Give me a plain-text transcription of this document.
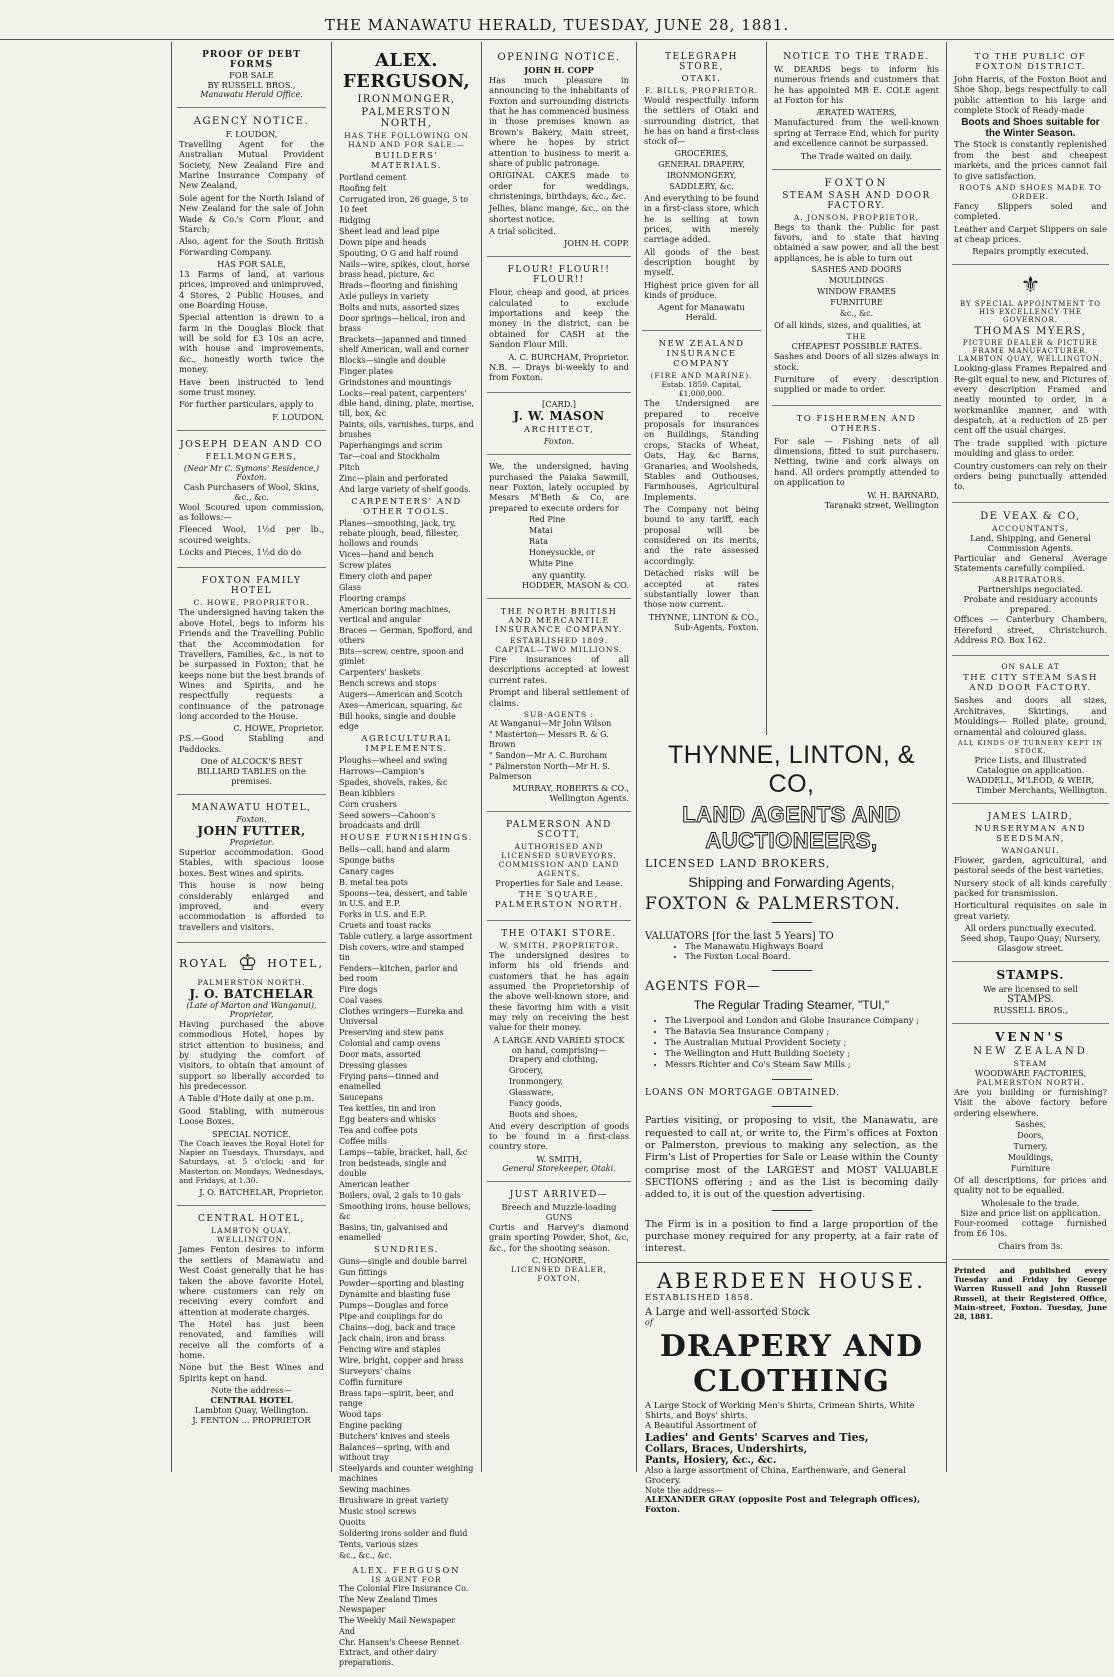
THE MANAWATU HERALD, TUESDAY, JUNE 28, 1881.
PROOF OF DEBT FORMS
FOR SALE
BY RUSSELL BROS.,
Manawatu Herald Office.
AGENCY NOTICE.
F. LOUDON,

Travelling Agent for the Australian Mutual Provident Society, New Zealand Fire and Marine Insurance Company of New Zealand,

Sole agent for the North Island of New Zealand for the sale of John Wade & Co.'s Corn Flour, and Starch;

Also, agent for the South British Forwarding Company.

HAS FOR SALE,

13 Farms of land, at various prices, improved and unimproved, 4 Stores, 2 Public Houses, and one Boarding House.

Special attention is drawn to a farm in the Douglas Block that will be sold for £3 10s an acre, with house and improvements, &c., honestly worth twice the money.

Have been instructed to lend some trust money.

For further particulars, apply to

F. LOUDON.
JOSEPH DEAN AND CO
FELLMONGERS,
(Near Mr C. Symons' Residence,) Foxton.
Cash Purchasers of Wool, Skins, &c., &c.

Wool Scoured upon commission, as follows:—

Fleeced Wool, 1½d per lb., scoured weights.

Locks and Pieces, 1½d do do

FOXTON FAMILY HOTEL
C. HOWE, PROPRIETOR.

The undersigned having taken the above Hotel, begs to inform his Friends and the Travelling Public that the Accommodation for Travellers, Families, &c., is not to be surpassed in Foxton; that he keeps none but the best brands of Wines and Spirits, and he respectfully requests a continuance of the patronage long accorded to the House.

C. HOWE, Proprietor.

P.S.—Good Stabling and Paddocks.

One of ALCOCK'S BEST BILLIARD TABLES on the premises.
MANAWATU HOTEL,
Foxton.
JOHN FUTTER,
Proprietor.

Superior accommodation. Good Stables, with spacious loose boxes. Best wines and spirits.

This house is now being considerably enlarged and improved, and every accommodation is afforded to travellers and visitors.

ROYAL ♔ HOTEL,
PALMERSTON NORTH.
J. O. BATCHELAR
(Late of Marton and Wanganui),
Proprietor,

Having purchased the above commodious Hotel, hopes by strict attention to business, and by studying the comfort of visitors, to obtain that amount of support so liberally accorded to his predecessor.

A Table d'Hote daily at one p.m.

Good Stabling, with numerous Loose Boxes.

SPECIAL NOTICE.

The Coach leaves the Royal Hotel for Napier on Tuesdays, Thursdays, and Saturdays, at 5 o'clock; and for Masterton on Mondays, Wednesdays, and Fridays, at 1.30.

J. O. BATCHELAR, Proprietor.
CENTRAL HOTEL,
LAMBTON QUAY, WELLINGTON.

James Fenton desires to inform the settlers of Manawatu and West Coast generally that he has taken the above favorite Hotel, where customers can rely on receiving every comfort and attention at moderate charges.

The Hotel has just been renovated, and families will receive all the comforts of a home.

None but the Best Wines and Spirits kept on hand.

Note the address—
CENTRAL HOTEL
Lambton Quay, Wellington.
J. FENTON ... PROPRIETOR
ALEX. FERGUSON,
IRONMONGER,
PALMERSTON NORTH,
HAS THE FOLLOWING ON HAND AND FOR SALE:—
BUILDERS' MATERIALS.
Portland cement
Roofing felt
Corrugated iron, 26 guage, 5 to 10 feet
Ridging
Sheet lead and lead pipe
Down pipe and heads
Spouting, O G and half round
Nails—wire, spikes, clout, horse brass head, picture, &c
Brads—flooring and finishing
Axle pulleys in variety
Bolts and nuts, assorted sizes
Door springs—helical, iron and brass
Brackets—japanned and tinned shelf American, wall and corner
Blocks—single and double
Finger plates
Grindstones and mountings
Locks—real patent, carpenters' dble hand, dining, plate, mortise, till, box, &c
Paints, oils, varnishes, turps, and brushes
Paperhangings and scrim
Tar—coal and Stockholm
Pitch
Zinc—plain and perforated
And large variety of shelf goods.
CARPENTERS' AND OTHER TOOLS.
Planes—smoothing, jack, try, rebate plough, bead, fillester, hollows and rounds
Vices—hand and bench
Screw plates
Emery cloth and paper
Glass
Flooring cramps
American boring machines, vertical and angular
Braces — German, Spofford, and others
Bits—screw, centre, spoon and gimlet
Carpenters' baskets
Bench screws and stops
Augers—American and Scotch
Axes—American, squaring, &c
Bill hooks, single and double edge
AGRICULTURAL IMPLEMENTS.
Ploughs—wheel and swing
Harrows—Campion's
Spades, shovels, rakes, &c
Bean kibblers
Corn crushers
Seed sowers—Cahoon's broadcasts and drill
HOUSE FURNISHINGS.
Bells—call, hand and alarm
Sponge baths
Canary cages
B. metal tea pots
Spoons—tea, dessert, and table in U.S. and E.P.
Forks in U.S. and E.P.
Cruets and toast racks
Table cutlery, a large assortment
Dish covers, wire and stamped tin
Fenders—kitchen, parlor and bed room
Fire dogs
Coal vases
Clothes wringers—Eureka and Universal
Preserving and stew pans
Colonial and camp ovens
Door mats, assorted
Dressing glasses
Frying pans—tinned and enamelled
Saucepans
Tea kettles, tin and iron
Egg beaters and whisks
Tea and coffee pots
Coffee mills
Lamps—table, bracket, hall, &c
Iron bedsteads, single and double
American leather
Boilers, oval, 2 gals to 10 gals
Smoothing irons, house bellows, &c
Basins, tin, galvanised and enamelled
SUNDRIES.
Guns—single and double barrel
Gun fittings
Powder—sporting and blasting
Dynamite and blasting fuse
Pumps—Douglas and force
Pipe and couplings for do
Chains—dog, back and trace
Jack chain, iron and brass
Fencing wire and staples
Wire, bright, copper and brass
Surveyors' chains
Coffin furniture
Brass taps—spirit, beer, and range
Wood taps
Engine packing
Butchers' knives and steels
Balances—spring, with and without tray
Steelyards and counter weighing machines
Sewing machines
Brushware in great variety
Music stool screws
Quoits
Soldering irons solder and fluid
Tents, various sizes
&c., &c., &c.
ALEX. FERGUSON
IS AGENT FOR
The Colonial Fire Insurance Co.
The New Zealand Times Newspaper
The Weekly Mail Newspaper
And
Chr. Hansen's Cheese Rennet Extract, and other dairy preparations.
OPENING NOTICE.
JOHN H. COPP

Has much pleasure in announcing to the inhabitants of Foxton and surrounding districts that he has commenced business in those premises known as Brown's Bakery, Main street, where he hopes by strict attention to business to merit a share of public patronage.

ORIGINAL CAKES made to order for weddings, christenings, birthdays, &c., &c.

Jellies, blanc mange, &c., on the shortest notice.

A trial solicited.

JOHN H. COPP.
FLOUR! FLOUR!! FLOUR!!

Flour, cheap and good, at prices calculated to exclude importations and keep the money in the district, can be obtained for CASH at the Sandon Flour Mill.

A. C. BURCHAM, Proprietor.

N.B. — Drays bi-weekly to and from Foxton.

[CARD.]
J. W. MASON
ARCHITECT,
Foxton.

We, the undersigned, having purchased the Paiaka Sawmill, near Foxton, lately occupied by Messrs M'Beth & Co, are prepared to execute orders for

Red Pine
Matai
Rata
Honeysuckle, or
White Pine
any quantity.
HODDER, MASON & CO.
THE NORTH BRITISH AND MERCANTILE INSURANCE COMPANY.
ESTABLISHED 1809.
CAPITAL—TWO MILLIONS.

Fire insurances of all descriptions accepted at lowest current rates.

Prompt and liberal settlement of claims.

SUB-AGENTS :
At Wanganui—Mr John Wilson
" Masterton— Messrs R. & G. Brown
" Sandon—Mr A. C. Burcham
" Palmerston North—Mr H. S. Palmerson
MURRAY, ROBERTS & CO., Wellington Agents.
PALMERSON AND SCOTT,
AUTHORISED AND LICENSED SURVEYORS, COMMISSION AND LAND AGENTS.
Properties for Sale and Lease.
THE SQUARE, PALMERSTON NORTH.
THE OTAKI STORE.
W. SMITH, PROPRIETOR.

The undersigned desires to inform his old friends and customers that he has again assumed the Proprietorship of the above well-known store, and these favoring him with a visit may rely on receiving the best value for their money.

A LARGE AND VARIED STOCK
on hand, comprising—
Drapery and clothing,
Grocery,
Ironmongery,
Glassware,
Fancy goods,
Boots and shoes,

And every description of goods to be found in a first-class country store.

W. SMITH,
General Storekeeper, Otaki.
JUST ARRIVED—
Breech and Muzzle-loading GUNS

Curtis and Harvey's diamond grain sporting Powder, Shot, &c, &c., for the shooting season.

C. HONORE,
LICENSED DEALER, FOXTON.
TELEGRAPH STORE,
OTAKI.
F. BILLS, PROPRIETOR.

Would respectfully inform the settlers of Otaki and surrounding district, that he has on hand a first-class stock of—

GROCERIES,
GENERAL DRAPERY,
IRONMONGERY,
SADDLERY, &c.

And everything to be found in a first-class store, which he is selling at town prices, with merely carriage added.

All goods of the best description bought by myself.

Highest price given for all kinds of produce.

Agent for Manawatu Herald.
NEW ZEALAND INSURANCE COMPANY
(FIRE AND MARINE).
Estab. 1859. Capital, £1,000,000.

The Undersigned are prepared to receive proposals for insurances on Buildings, Standing crops, Stacks of Wheat, Oats, Hay, &c Barns, Granaries, and Woolsheds, Stables and Outhouses, Farmhouses, Agricultural Implements.

The Company not being bound to any tariff, each proposal will be considered on its merits, and the rate assessed accordingly.

Detached risks will be accepted at rates substantially lower than those now current.

THYNNE, LINTON & CO., Sub-Agents, Foxton.
NOTICE TO THE TRADE.

W. DEARDS begs to inform his numerous friends and customers that he has appointed MR E. COLE agent at Foxton for his

ÆRATED WATERS,

Manufactured from the well-known spring at Terrace End, which for purity and excellence cannot be surpassed.

The Trade waited on daily.
FOXTON
STEAM SASH AND DOOR FACTORY.
A. JONSON, PROPRIETOR,

Begs to thank the Public for past favors, and to state that having obtained a saw power, and all the best appliances, he is able to turn out

SASHES AND DOORS
MOULDINGS
WINDOW FRAMES
FURNITURE
&c., &c.

Of all kinds, sizes, and qualities, at

THE
CHEAPEST POSSIBLE RATES.

Sashes and Doors of all sizes always in stock.

Furniture of every description supplied or made to order.

TO FISHERMEN AND OTHERS.

For sale — Fishing nets of all dimensions, fitted to suit purchasers. Netting, twine and cork always on hand. All orders promptly attended to on application to

W. H. BARNARD,
Taranaki street, Wellington
THYNNE, LINTON, & CO,
LAND AGENTS AND AUCTIONEERS,
LICENSED LAND BROKERS,
Shipping and Forwarding Agents,
FOXTON & PALMERSTON.
VALUATORS [for the last 5 Years] TO
• The Manawatu Highways Board
• The Foxton Local Board.
AGENTS FOR—
The Regular Trading Steamer, "TUI,"
• The Liverpool and London and Globe Insurance Company ;
• The Batavia Sea Insurance Company ;
• The Australian Mutual Provident Society ;
• The Wellington and Hutt Building Society ;
• Messrs Richter and Co's Steam Saw Mills ;
LOANS ON MORTGAGE OBTAINED.

Parties visiting, or proposing to visit, the Manawatu, are requested to call at, or write to, the Firm's offices at Foxton or Palmerston, previous to making any selection, as the Firm's List of Properties for Sale or Lease within the County comprise most of the LARGEST and MOST VALUABLE SECTIONS offering ; and as the List is becoming daily added to, it is out of the question advertising.

The Firm is in a position to find a large proportion of the purchase money required for any property, at a fair rate of interest.

ABERDEEN HOUSE.
ESTABLISHED 1858.
A Large and well-assorted Stock
of
DRAPERY AND CLOTHING
A Large Stock of Working Men's Shirts, Crimean Shirts, White Shirts, and Boys' shirts.
A Beautiful Assortment of
Ladies' and Gents' Scarves and Ties,
Collars, Braces, Undershirts,
Pants, Hosiery, &c., &c.
Also a large assortment of China, Earthenware, and General Grocery.
Note the address—
ALEXANDER GRAY (opposite Post and Telegraph Offices), Foxton.
TO THE PUBLIC OF FOXTON DISTRICT.

John Harris, of the Foxton Boot and Shoe Shop, begs respectfully to call public attention to his large and complete Stock of Ready-made

Boots and Shoes suitable for the Winter Season.

The Stock is constantly replenished from the best and cheapest markets, and the prices cannot fail to give satisfaction.

BOOTS AND SHOES MADE TO ORDER.

Fancy Slippers soled and completed.

Leather and Carpet Slippers on sale at cheap prices.

Repairs promptly executed.
⚜
BY SPECIAL APPOINTMENT TO HIS EXCELLENCY THE GOVERNOR.
THOMAS MYERS,
PICTURE DEALER & PICTURE FRAME MANUFACTURER,
LAMBTON QUAY, WELLINGTON.

Looking-glass Frames Repaired and Re-gilt equal to new, and Pictures of every description Framed and neatly mounted to order, in a workmanlike manner, and with despatch, at a reduction of 25 per cent off the usual charges.

The trade supplied with picture moulding and glass to order.

Country customers can rely on their orders being punctually attended to.

DE VEAX & CO,
ACCOUNTANTS,
Land, Shipping, and General Commission Agents.

Particular and General Average Statements carefully compiled.

ARBITRATORS.
Partnerships negociated.
Probate and residuary accounts prepared.

Offices — Canterbury Chambers, Hereford street, Christchurch. Address P.O. Box 162.

ON SALE AT
THE CITY STEAM SASH AND DOOR FACTORY.

Sashes and doors all sizes, Architraves, Skirtings, and Mouldings— Rolled plate, ground, ornamental and coloured glass.

ALL KINDS OF TURNERY KEPT IN STOCK.
Price Lists, and Illustrated Catalogue on application.
WADDELL, M'LEOD, & WEIR,
Timber Merchants, Wellington.
JAMES LAIRD,
NURSERYMAN AND SEEDSMAN,
WANGANUI.

Flower, garden, agricultural, and pastoral seeds of the best varieties.

Nursery stock of all kinds carefully packed for transmission.

Horticultural requisites on sale in great variety.

All orders punctually executed.
Seed shop, Taupo Quay; Nursery, Glasgow street.
STAMPS.
We are licensed to sell
STAMPS.
RUSSELL BROS.,
VENN'S
NEW ZEALAND
STEAM
WOODWARE FACTORIES,
PALMERSTON NORTH.

Are you building or furnishing? Visit the above factory before ordering elsewhere.

Sashes,
Doors,
Turnery,
Mouldings,
Furniture

Of all descriptions, for prices and quality not to be equalled.

Wholesale to the trade.
Size and price list on application.

Four-roomed cottage furnished from £6 10s.

Chairs from 3s.

Printed and published every Tuesday and Friday by George Warren Russell and John Russell Russell, at their Registered Office, Main-street, Foxton. Tuesday, June 28, 1881.
